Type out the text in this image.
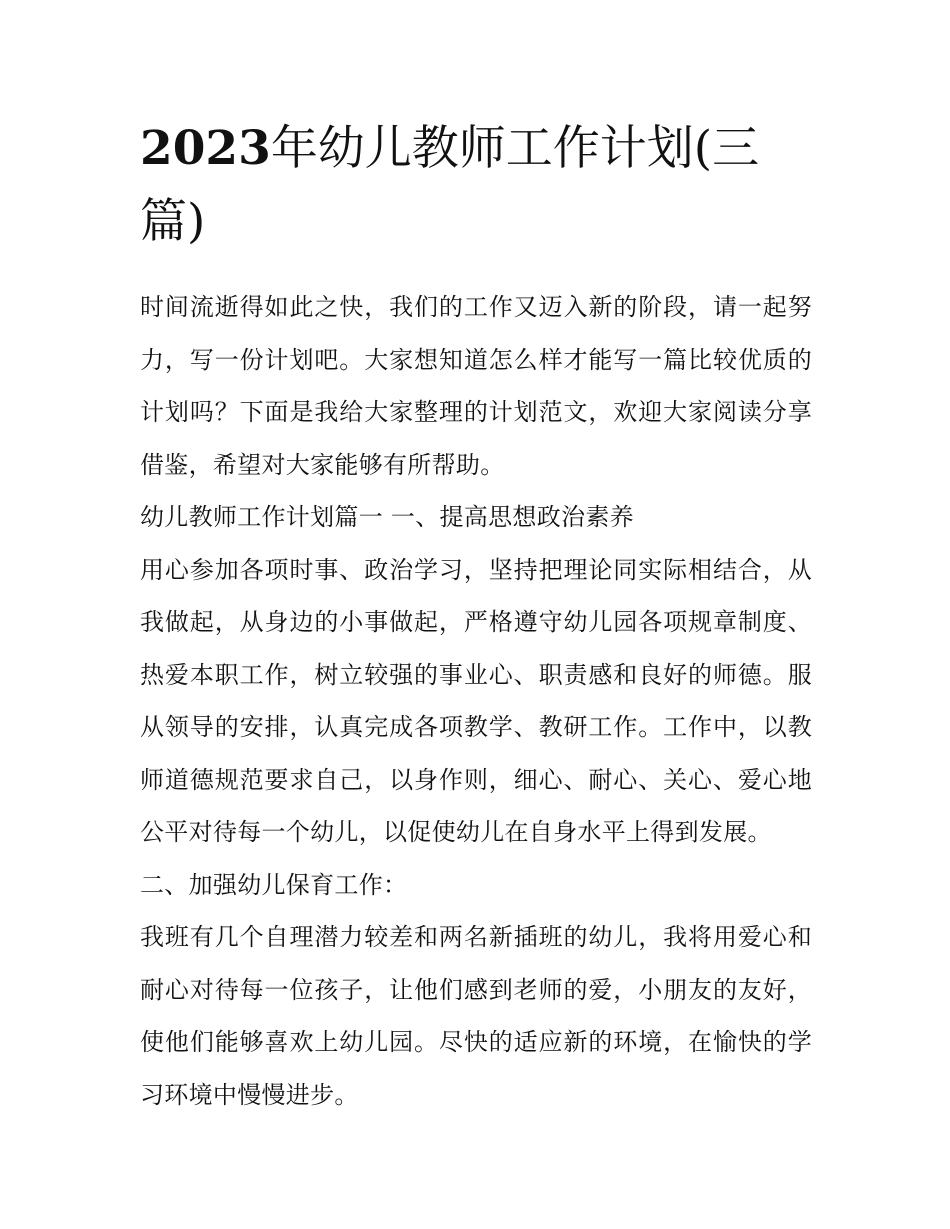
2023年幼儿教师工作计划(三篇)

时间流逝得如此之快，我们的工作又迈入新的阶段，请一起努力，写一份计划吧。大家想知道怎么样才能写一篇比较优质的计划吗？下面是我给大家整理的计划范文，欢迎大家阅读分享借鉴，希望对大家能够有所帮助。

幼儿教师工作计划篇一 一、提高思想政治素养

用心参加各项时事、政治学习，坚持把理论同实际相结合，从我做起，从身边的小事做起，严格遵守幼儿园各项规章制度、热爱本职工作，树立较强的事业心、职责感和良好的师德。服从领导的安排，认真完成各项教学、教研工作。工作中，以教师道德规范要求自己，以身作则，细心、耐心、关心、爱心地公平对待每一个幼儿，以促使幼儿在自身水平上得到发展。

二、加强幼儿保育工作：

我班有几个自理潜力较差和两名新插班的幼儿，我将用爱心和耐心对待每一位孩子，让他们感到老师的爱，小朋友的友好，使他们能够喜欢上幼儿园。尽快的适应新的环境，在愉快的学习环境中慢慢进步。
